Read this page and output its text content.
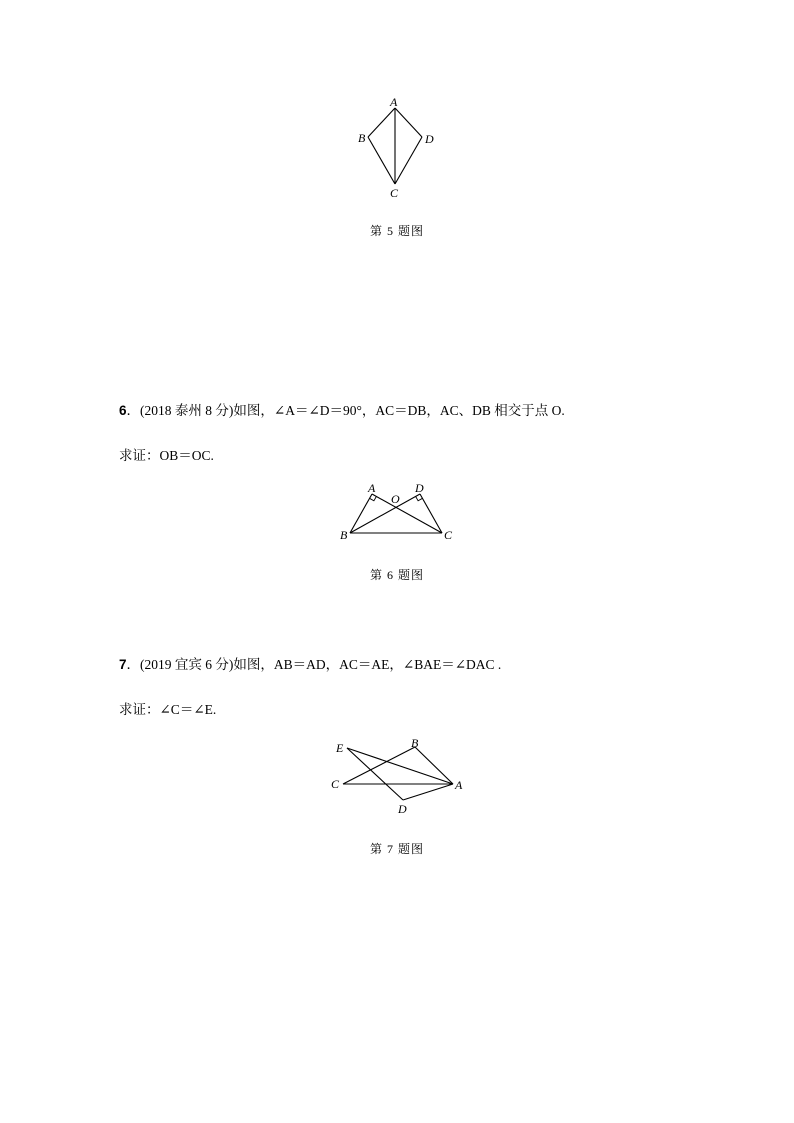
A
B	D
C
第 5 题图
6．(2018 泰州 8 分)如图，∠A＝∠D＝90°，AC＝DB，AC、DB 相交于点 O.
求证：OB＝OC.
A	D
O
B	C
第 6 题图
7．(2019 宜宾 6 分)如图，AB＝AD，AC＝AE，∠BAE＝∠DAC .
求证：∠C＝∠E.
E	B
C	A
D
第 7 题图
